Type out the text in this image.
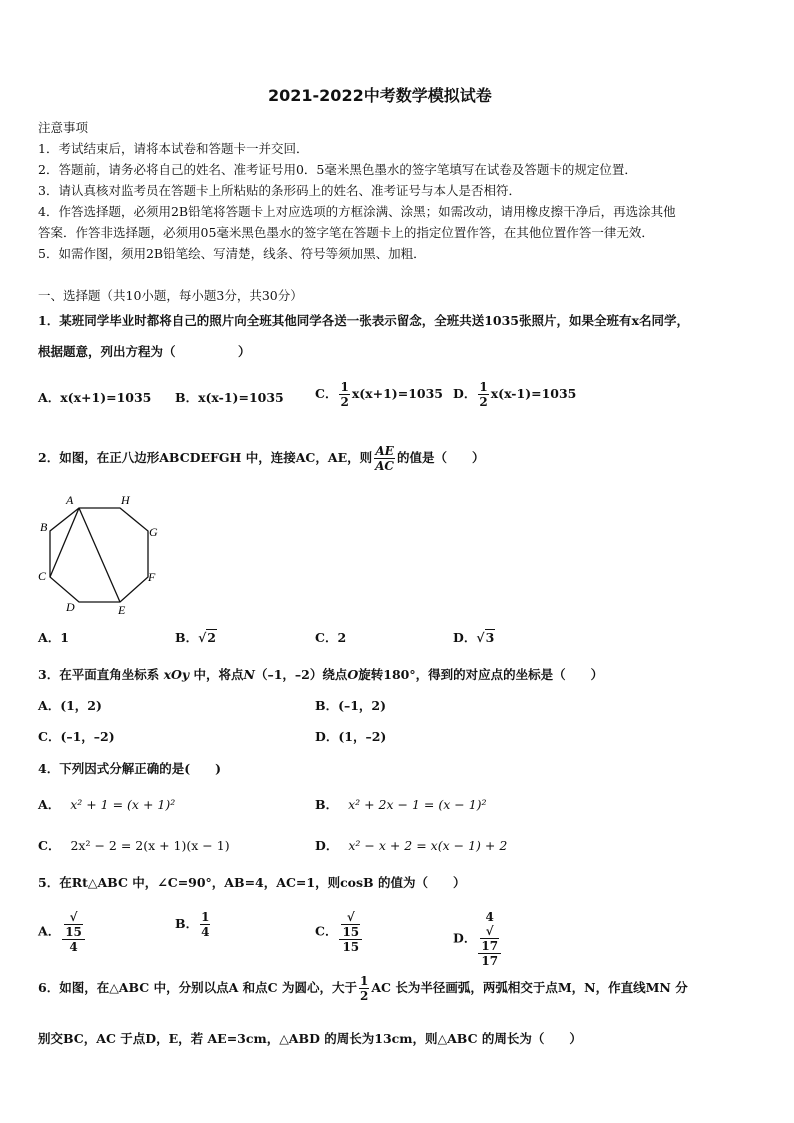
2021-2022中考数学模拟试卷
注意事项
1．考试结束后，请将本试卷和答题卡一并交回．
2．答题前，请务必将自己的姓名、准考证号用0．5毫米黑色墨水的签字笔填写在试卷及答题卡的规定位置．
3．请认真核对监考员在答题卡上所粘贴的条形码上的姓名、准考证号与本人是否相符．
4．作答选择题，必须用2B铅笔将答题卡上对应选项的方框涂满、涂黑；如需改动，请用橡皮擦干净后，再选涂其他
答案．作答非选择题，必须用05毫米黑色墨水的签字笔在答题卡上的指定位置作答，在其他位置作答一律无效．
5．如需作图，须用2B铅笔绘、写清楚，线条、符号等须加黑、加粗．
一、选择题（共10小题，每小题3分，共30分）
1．某班同学毕业时都将自己的照片向全班其他同学各送一张表示留念，全班共送1035张照片，如果全班有x名同学，
根据题意，列出方程为（　　　　　）
A．x(x+1)=1035 B．x(x-1)=1035	C． $\frac{1}{2} x(x+1)=1035$ D． $\frac{1}{2} x(x-1)=1035$
2．如图，在正八边形ABCDEFGH 中，连接AC，AE，则 $\frac{AE}{AC}$ 的值是（　　）
A	H
G
F
E
D
C
B
A．1	B．√2	C．2	D．√3
3．在平面直角坐标系 xOy 中，将点N（–1，–2）绕点O旋转180°，得到的对应点的坐标是（　　）
A．(1，2)	B．(–1，2)
C．(–1，–2)	D．(1，–2)
4．下列因式分解正确的是(　　)
A． x² + 1 = (x + 1)²	B． x² + 2x − 1 = (x − 1)²
C． 2x² − 2 = 2(x + 1)(x − 1)	D． x² − x + 2 = x(x − 1) + 2
5．在Rt△ABC 中，∠C=90°，AB=4，AC=1，则cosB 的值为（　　）
A． √
15
4	B． $\frac{1}{4}$	C． √
15
15	D． 4
√
17
17
6．如图，在△ABC 中，分别以点A 和点C 为圆心，大于 $\frac{1}{2}$ AC 长为半径画弧，两弧相交于点M，N，作直线MN 分
别交BC，AC 于点D，E，若 AE=3cm，△ABD 的周长为13cm，则△ABC 的周长为（　　）
